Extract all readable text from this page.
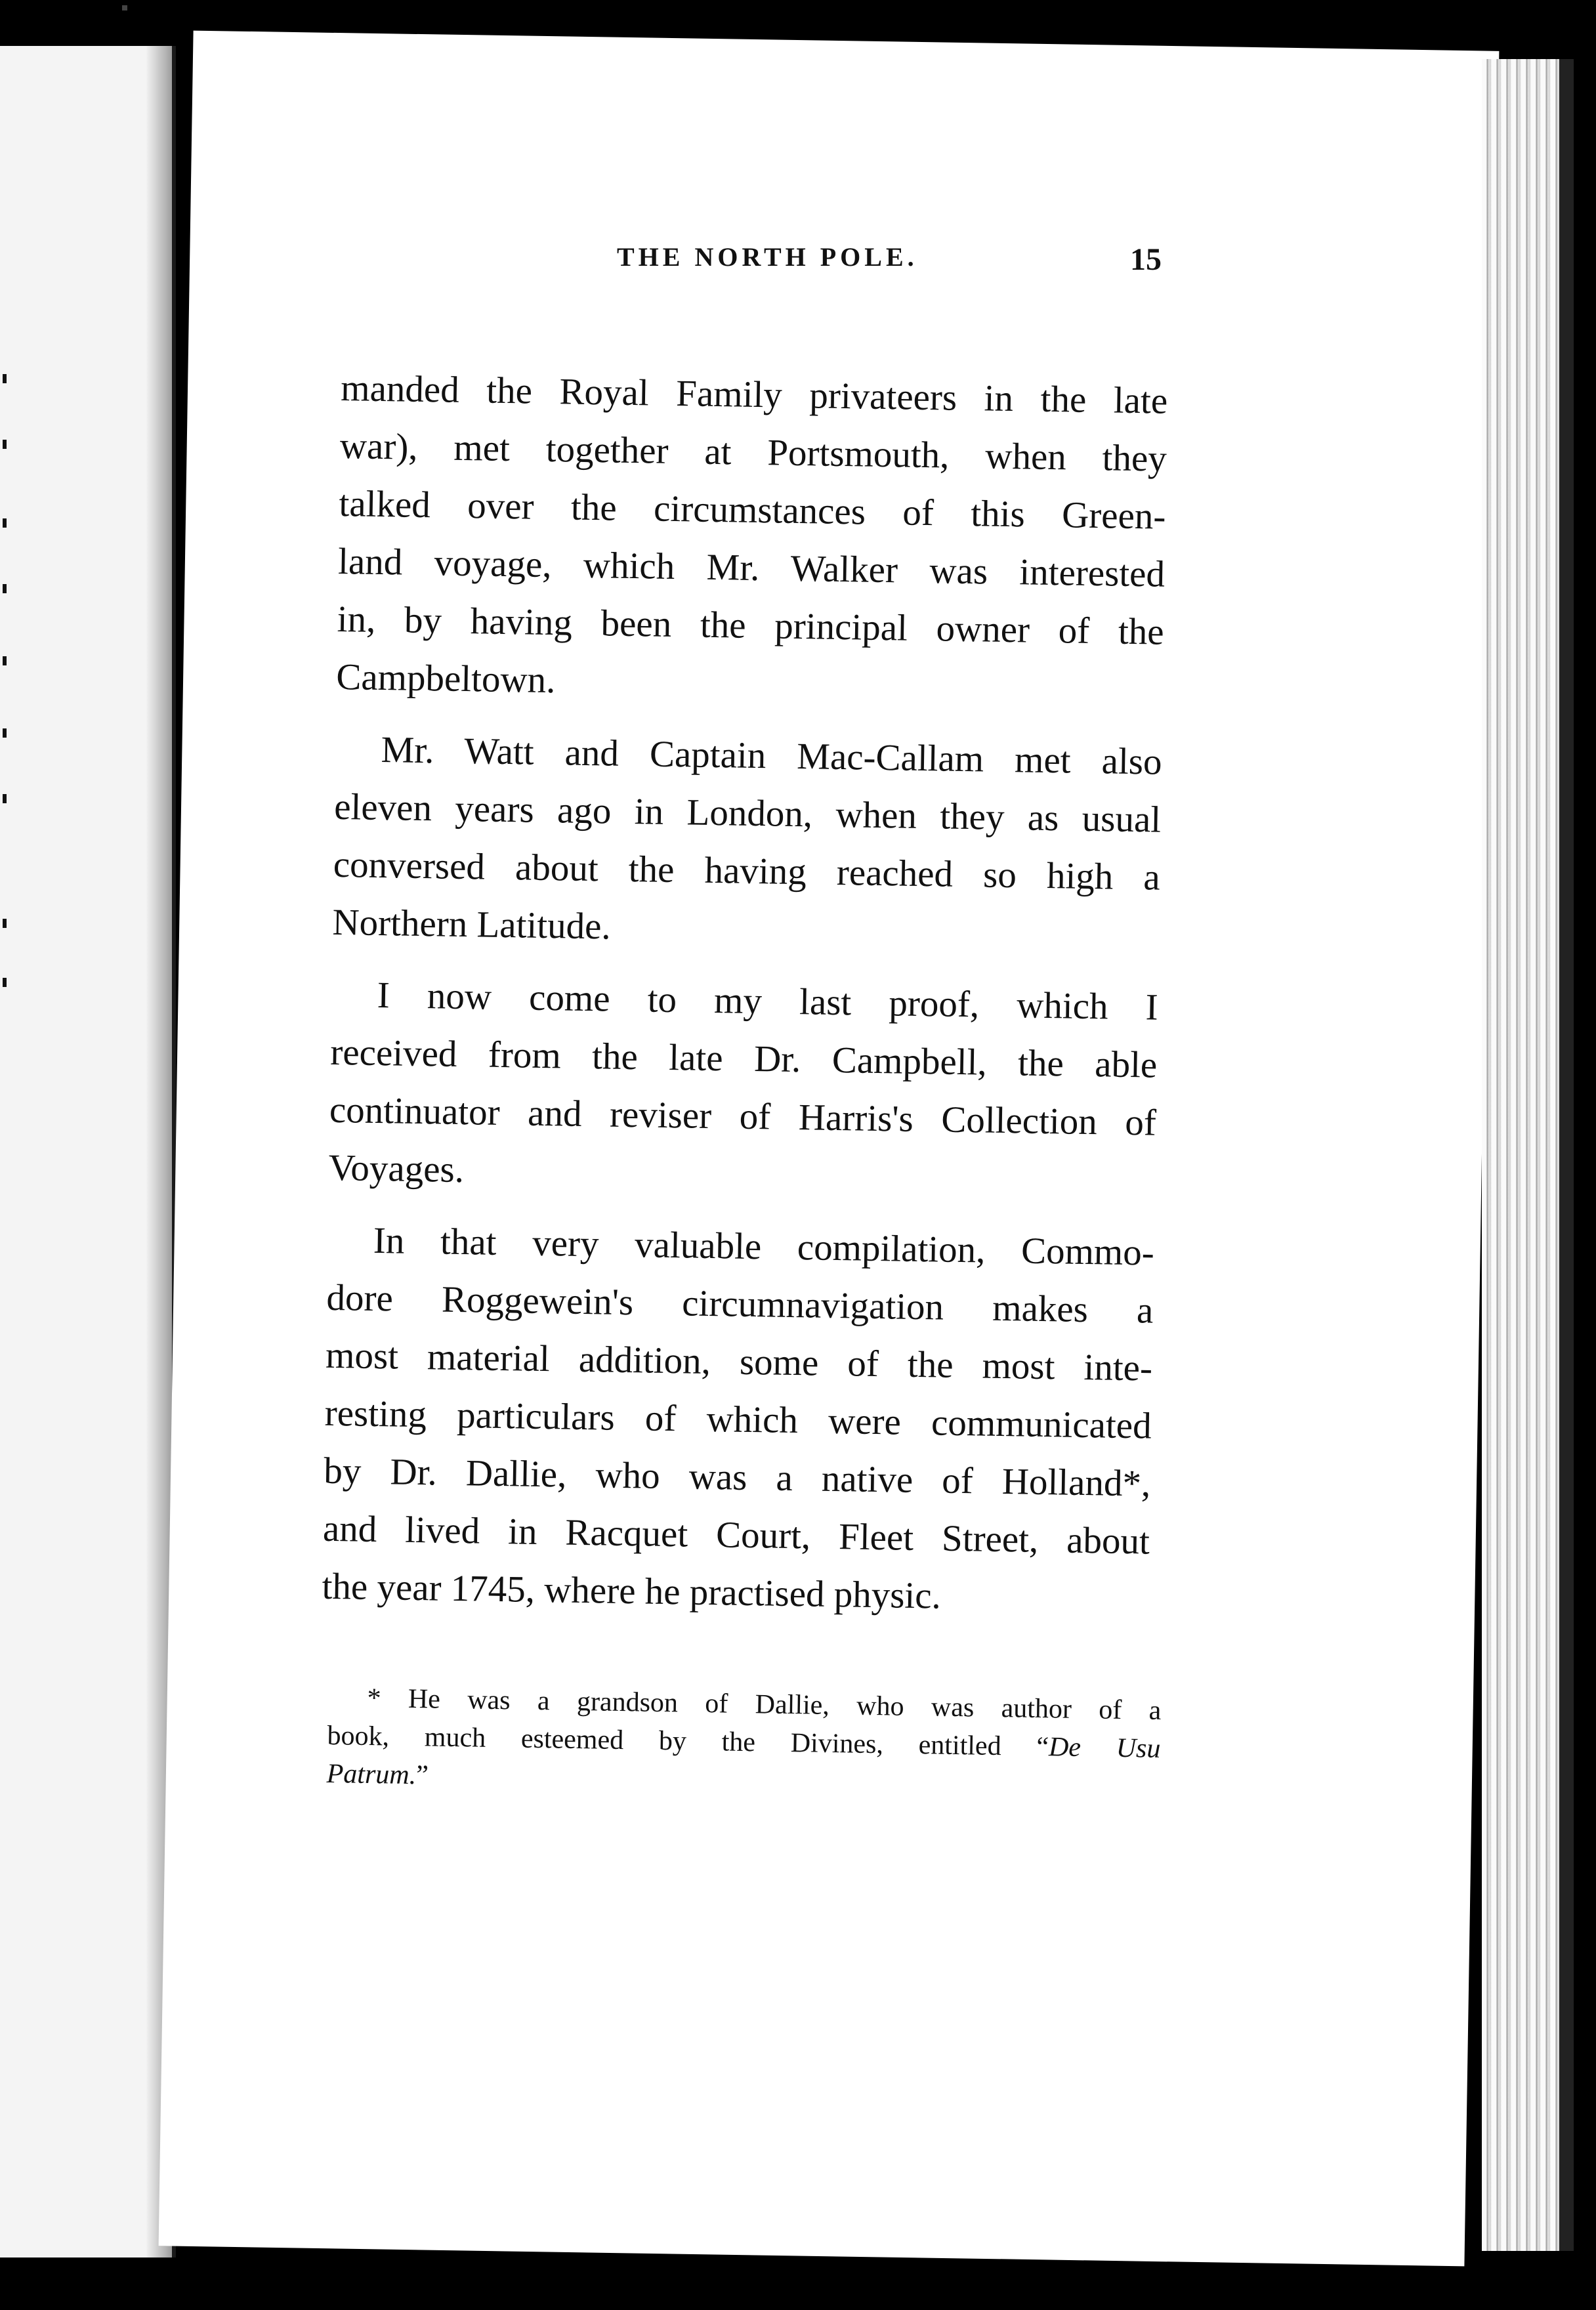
THE NORTH POLE.	15

manded the Royal Family privateers in the late
war), met together at Portsmouth, when they
talked over the circumstances of this Green-
land voyage, which Mr. Walker was interested
in, by having been the principal owner of the
Campbeltown.

Mr. Watt and Captain Mac-Callam met also
eleven years ago in London, when they as usual
conversed about the having reached so high a
Northern Latitude.

I now come to my last proof, which I
received from the late Dr. Campbell, the able
continuator and reviser of Harris's Collection of
Voyages.

In that very valuable compilation, Commo-
dore Roggewein's circumnavigation makes a
most material addition, some of the most inte-
resting particulars of which were communicated
by Dr. Dallie, who was a native of Holland*,
and lived in Racquet Court, Fleet Street, about
the year 1745, where he practised physic.

* He was a grandson of Dallie, who was author of a
book, much esteemed by the Divines, entitled “De Usu
Patrum.”
